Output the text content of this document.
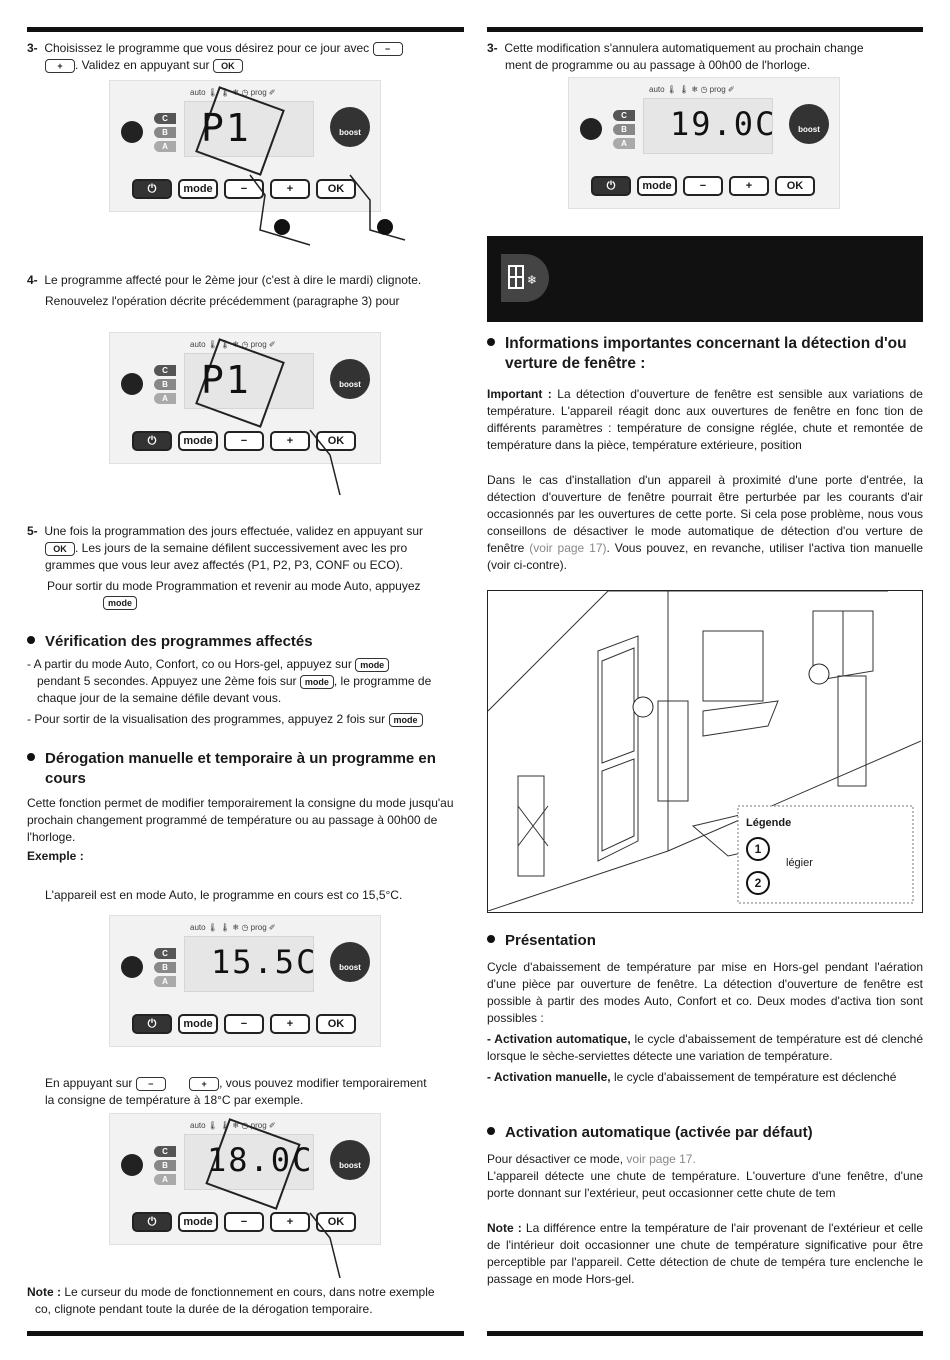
3- Choisissez le programme que vous désirez pour ce jour avec −
+ . Validez en appuyant sur OK
auto 🌡 🌡 ❄ ◷ prog ✐
C
B
A P1	boost
⏻	mode	−	+	OK
4- Le programme affecté pour le 2ème jour (c'est à dire le mardi) clignote.
Renouvelez l'opération décrite précédemment (paragraphe 3) pour
auto 🌡 🌡 ❄ ◷ prog ✐
C
B
A P1	boost
⏻	mode	−	+	OK
5- Une fois la programmation des jours effectuée, validez en appuyant sur
OK . Les jours de la semaine défilent successivement avec les pro
grammes que vous leur avez affectés (P1, P2, P3, CONF ou ECO).
Pour sortir du mode Programmation et revenir au mode Auto, appuyez
mode
Vérification des programmes affectés
- A partir du mode Auto, Confort, co ou Hors-gel, appuyez sur mode
pendant 5 secondes. Appuyez une 2ème fois sur mode , le programme de
chaque jour de la semaine défile devant vous.
- Pour sortir de la visualisation des programmes, appuyez 2 fois sur mode
Dérogation manuelle et temporaire à un programme en
cours

Cette fonction permet de modifier temporairement la consigne du mode jusqu'au prochain changement programmé de température ou au passage à 00h00 de l'horloge.

Exemple :
L'appareil est en mode Auto, le programme en cours est co 15,5°C.
auto 🌡 🌡 ❄ ◷ prog ✐
C
B
A
15.5C	boost
⏻	mode	−	+	OK
En appuyant sur −	+ , vous pouvez modifier temporairement
la consigne de température à 18°C par exemple.
auto 🌡 🌡 ❄ ◷ prog ✐
C
B
A
18.0C	boost
⏻	mode	−	+	OK
Note : Le curseur du mode de fonctionnement en cours, dans notre exemple
co, clignote pendant toute la durée de la dérogation temporaire.
3- Cette modification s'annulera automatiquement au prochain change
ment de programme ou au passage à 00h00 de l'horloge.
auto 🌡 🌡 ❄ ◷ prog ✐
C
B
A
19.0C	boost
⏻	mode	−	+	OK
❄
Informations importantes concernant la détection d'ou
verture de fenêtre :

Important : La détection d'ouverture de fenêtre est sensible aux variations de température. L'appareil réagit donc aux ouvertures de fenêtre en fonc tion de différents paramètres : température de consigne réglée, chute et remontée de température dans la pièce, température extérieure, position

Dans le cas d'installation d'un appareil à proximité d'une porte d'entrée, la détection d'ouverture de fenêtre pourrait être perturbée par les courants d'air occasionnés par les ouvertures de cette porte. Si cela pose problème, nous vous conseillons de désactiver le mode automatique de détection d'ou verture de fenêtre (voir page 17). Vous pouvez, en revanche, utiliser l'activa tion manuelle (voir ci-contre).

Légende
1
légier
2
Présentation

Cycle d'abaissement de température par mise en Hors-gel pendant l'aération d'une pièce par ouverture de fenêtre. La détection d'ouverture de fenêtre est possible à partir des modes Auto, Confort et co. Deux modes d'activa tion sont possibles :

- Activation automatique, le cycle d'abaissement de température est dé clenché lorsque le sèche-serviettes détecte une variation de température.

- Activation manuelle, le cycle d'abaissement de température est déclenché

Activation automatique (activée par défaut)
Pour désactiver ce mode, voir page 17.

L'appareil détecte une chute de température. L'ouverture d'une fenêtre, d'une porte donnant sur l'extérieur, peut occasionner cette chute de tem

Note : La différence entre la température de l'air provenant de l'extérieur et celle de l'intérieur doit occasionner une chute de température significative pour être perceptible par l'appareil. Cette détection de chute de tempéra ture enclenche le passage en mode Hors-gel.
